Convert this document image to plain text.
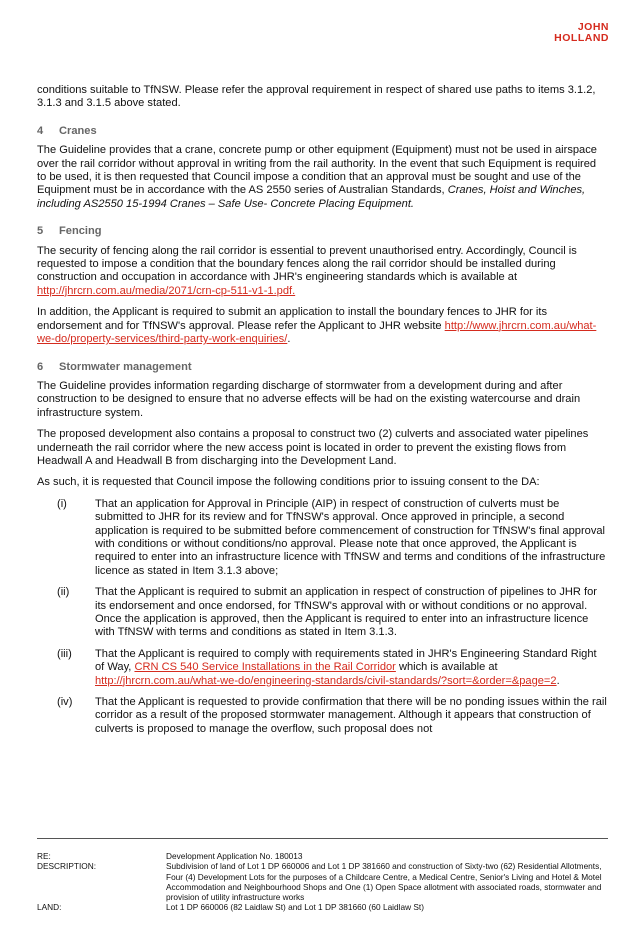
JOHN
HOLLAND

conditions suitable to TfNSW. Please refer the approval requirement in respect of shared use paths to items 3.1.2, 3.1.3 and 3.1.5 above stated.

4 Cranes

The Guideline provides that a crane, concrete pump or other equipment (Equipment) must not be used in airspace over the rail corridor without approval in writing from the rail authority. In the event that such Equipment is required to be used, it is then requested that Council impose a condition that an approval must be sought and use of the Equipment must be in accordance with the AS 2550 series of Australian Standards, Cranes, Hoist and Winches, including AS2550 15-1994 Cranes – Safe Use- Concrete Placing Equipment.

5 Fencing

The security of fencing along the rail corridor is essential to prevent unauthorised entry. Accordingly, Council is requested to impose a condition that the boundary fences along the rail corridor should be installed during construction and occupation in accordance with JHR's engineering standards which is available at http://jhrcrn.com.au/media/2071/crn-cp-511-v1-1.pdf.

In addition, the Applicant is required to submit an application to install the boundary fences to JHR for its endorsement and for TfNSW's approval. Please refer the Applicant to JHR website http://www.jhrcrn.com.au/what-we-do/property-services/third-party-work-enquiries/.

6 Stormwater management

The Guideline provides information regarding discharge of stormwater from a development during and after construction to be designed to ensure that no adverse effects will be had on the existing watercourse and drain infrastructure system.

The proposed development also contains a proposal to construct two (2) culverts and associated water pipelines underneath the rail corridor where the new access point is located in order to prevent the existing flows from Headwall A and Headwall B from discharging into the Development Land.

As such, it is requested that Council impose the following conditions prior to issuing consent to the DA:

(i)	That an application for Approval in Principle (AIP) in respect of construction of culverts must be submitted to JHR for its review and for TfNSW's approval. Once approved in principle, a second application is required to be submitted before commencement of construction for TfNSW's final approval with conditions or without conditions/no approval. Please note that once approved, the Applicant is required to enter into an infrastructure licence with TfNSW and terms and conditions of the infrastructure licence as stated in Item 3.1.3 above;
(ii)	That the Applicant is required to submit an application in respect of construction of pipelines to JHR for its endorsement and once endorsed, for TfNSW's approval with or without conditions or no approval. Once the application is approved, then the Applicant is required to enter into an infrastructure licence with TfNSW with terms and conditions as stated in Item 3.1.3.
(iii)	That the Applicant is required to comply with requirements stated in JHR's Engineering Standard Right of Way, CRN CS 540 Service Installations in the Rail Corridor which is available at http://jhrcrn.com.au/what-we-do/engineering-standards/civil-standards/?sort=&order=&page=2.
(iv)	That the Applicant is requested to provide confirmation that there will be no ponding issues within the rail corridor as a result of the proposed stormwater management. Although it appears that construction of culverts is proposed to manage the overflow, such proposal does not
RE:	Development Application No. 180013
DESCRIPTION:	Subdivision of land of Lot 1 DP 660006 and Lot 1 DP 381660 and construction of Sixty-two (62) Residential Allotments, Four (4) Development Lots for the purposes of a Childcare Centre, a Medical Centre, Senior's Living and Hotel & Motel Accommodation and Neighbourhood Shops and One (1) Open Space allotment with associated roads, stormwater and provision of utility infrastructure works
LAND:	Lot 1 DP 660006 (82 Laidlaw St) and Lot 1 DP 381660 (60 Laidlaw St)
